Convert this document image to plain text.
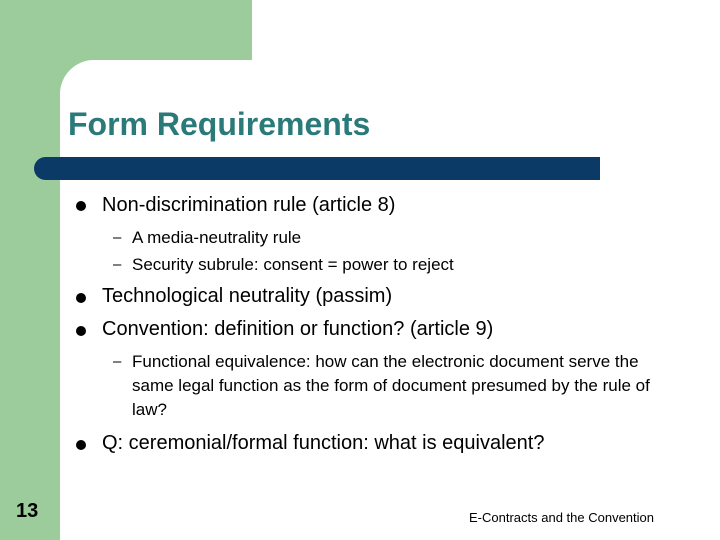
Form Requirements
Non-discrimination rule (article 8)
– A media-neutrality rule
– Security subrule: consent = power to reject
Technological neutrality (passim)
Convention: definition or function? (article 9)
– Functional equivalence: how can the electronic document serve the same legal function as the form of document presumed by the rule of law?
Q: ceremonial/formal function: what is equivalent?
13	E-Contracts and the Convention
